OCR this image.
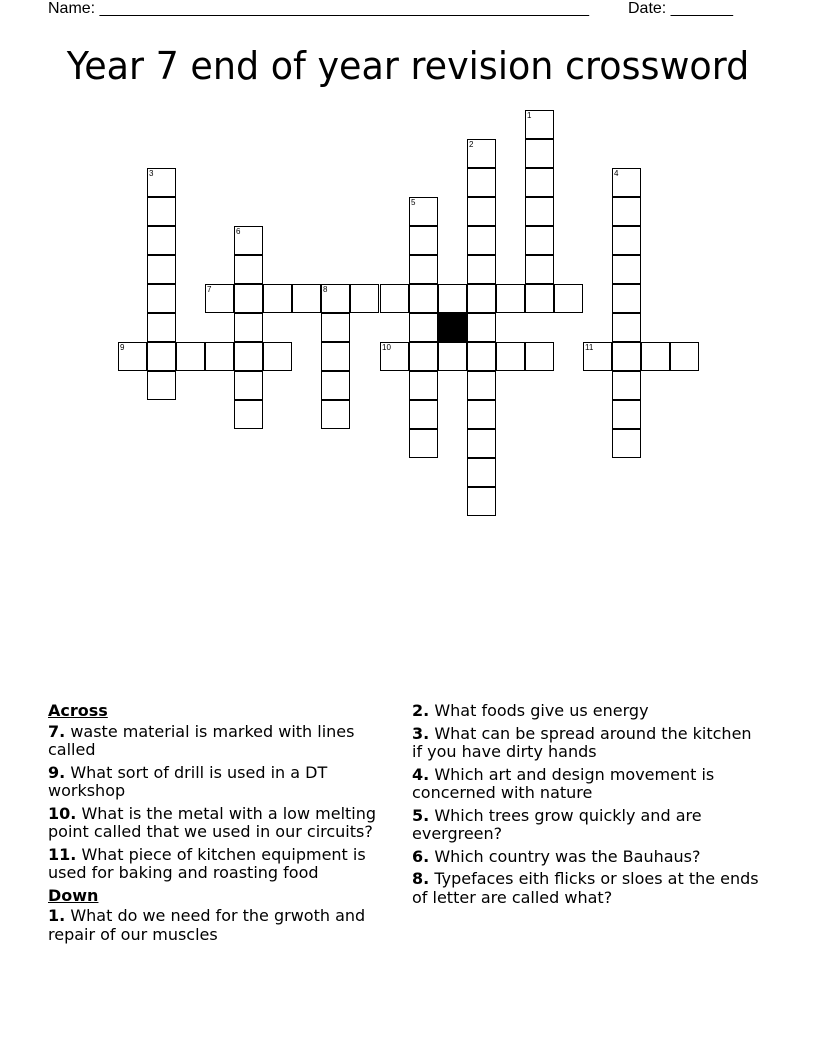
Name: _______________________________________________________ Date: _______
Year 7 end of year revision crossword
1
2
3	4
5
6
7	8
9	10	11
Across
7. waste material is marked with lines called
9. What sort of drill is used in a DT workshop
10. What is the metal with a low melting point called that we used in our circuits?
11. What piece of kitchen equipment is used for baking and roasting food
Down
1. What do we need for the grwoth and repair of our muscles
2. What foods give us energy
3. What can be spread around the kitchen if you have dirty hands
4. Which art and design movement is concerned with nature
5. Which trees grow quickly and are evergreen?
6. Which country was the Bauhaus?
8. Typefaces eith flicks or sloes at the ends of letter are called what?
